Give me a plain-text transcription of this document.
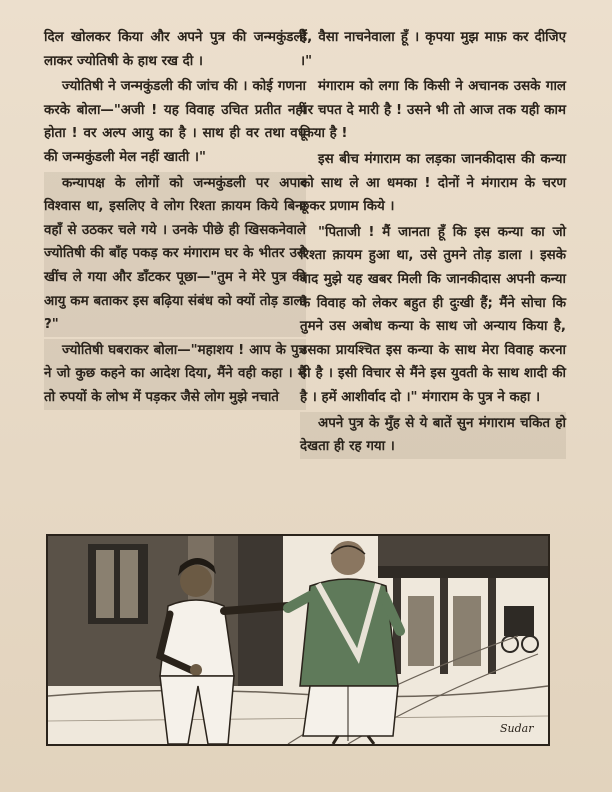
दिल खोलकर किया और अपने पुत्र की जन्मकुंडली लाकर ज्योतिषी के हाथ रख दी ।

ज्योतिषी ने जन्मकुंडली की जांच की । कोई गणना करके बोला—"अजी ! यह विवाह उचित प्रतीत नहीं होता ! वर अल्प आयु का है । साथ ही वर तथा वधू की जन्मकुंडली मेल नहीं खाती ।"

कन्यापक्ष के लोगों को जन्मकुंडली पर अपार विश्वास था, इसलिए वे लोग रिश्ता क़ायम किये बिना वहाँ से उठकर चले गये । उनके पीछे ही खिसकनेवाले ज्योतिषी की बाँह पकड़ कर मंगाराम घर के भीतर उसे खींच ले गया और डाँटकर पूछा—"तुम ने मेरे पुत्र की आयु कम बताकर इस बढ़िया संबंध को क्यों तोड़ डाला ?"

ज्योतिषी घबराकर बोला—"महाशय ! आप के पुत्र ने जो कुछ कहने का आदेश दिया, मैंने वही कहा । मैं तो रुपयों के लोभ में पड़कर जैसे लोग मुझे नचाते

हैं, वैसा नाचनेवाला हूँ । कृपया मुझ माफ़ कर दीजिए ।"

मंगाराम को लगा कि किसी ने अचानक उसके गाल पर चपत दे मारी है ! उसने भी तो आज तक यही काम किया है !

इस बीच मंगाराम का लड़का जानकीदास की कन्या को साथ ले आ धमका ! दोनों ने मंगाराम के चरण छूकर प्रणाम किये ।

"पिताजी ! मैं जानता हूँ कि इस कन्या का जो रिश्ता क़ायम हुआ था, उसे तुमने तोड़ डाला । इसके बाद मुझे यह खबर मिली कि जानकीदास अपनी कन्या के विवाह को लेकर बहुत ही दुःखी हैं; मैंने सोचा कि तुमने उस अबोध कन्या के साथ जो अन्याय किया है, उसका प्रायश्चित इस कन्या के साथ मेरा विवाह करना ही है । इसी विचार से मैंने इस युवती के साथ शादी की है । हमें आशीर्वाद दो ।" मंगाराम के पुत्र ने कहा ।

अपने पुत्र के मुँह से ये बातें सुन मंगाराम चकित हो देखता ही रह गया ।

Sudar
